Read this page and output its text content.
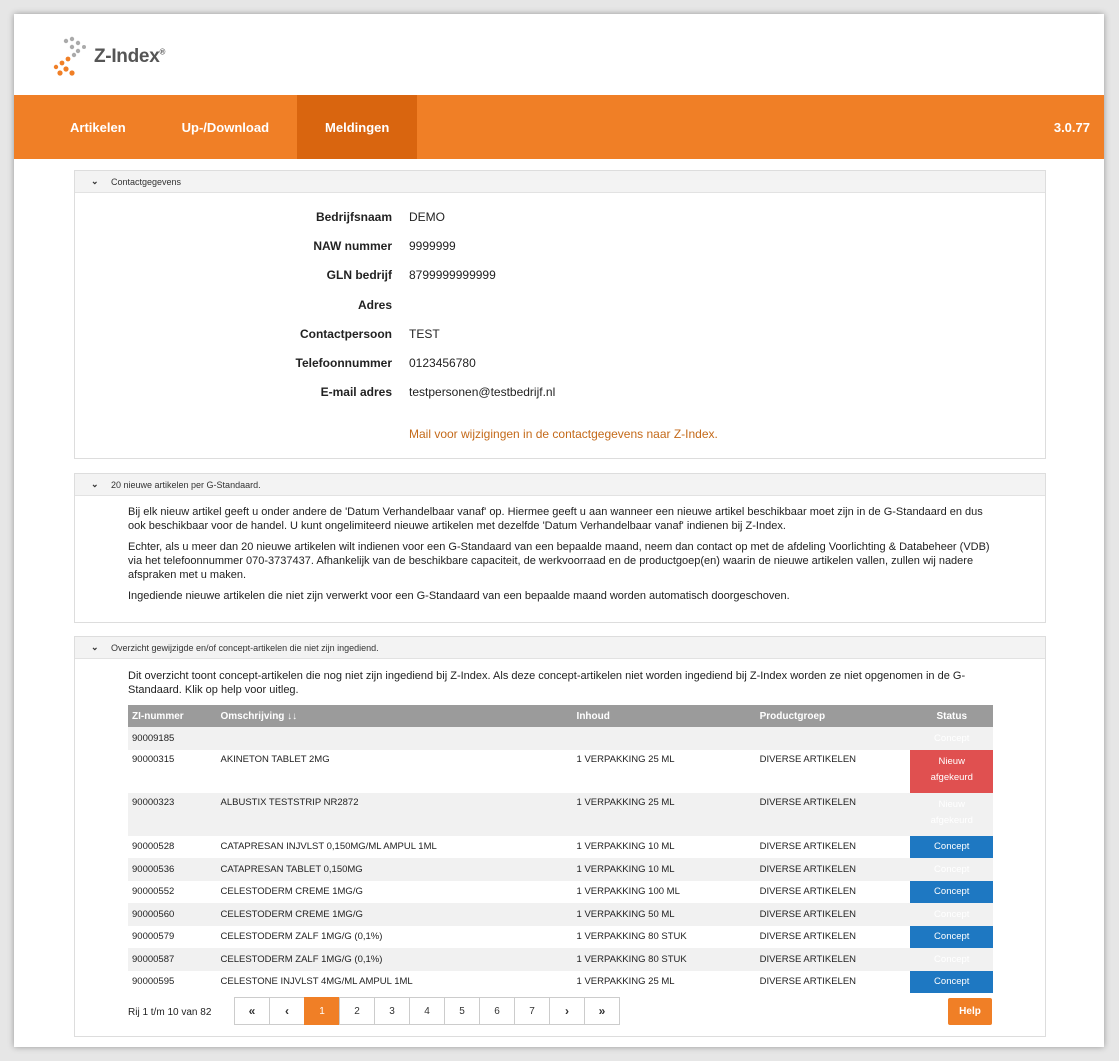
Z-Index®
Artikelen	Up-/Download	Meldingen	3.0.77
⌄ Contactgegevens
Bedrijfsnaam	DEMO
NAW nummer	9999999
GLN bedrijf	8799999999999
Adres
Contactpersoon	TEST
Telefoonnummer	0123456780
E-mail adres	testpersonen@testbedrijf.nl
Mail voor wijzigingen in de contactgegevens naar Z-Index.
⌄ 20 nieuwe artikelen per G-Standaard.
Bij elk nieuw artikel geeft u onder andere de 'Datum Verhandelbaar vanaf' op. Hiermee geeft u aan wanneer een nieuwe artikel beschikbaar moet zijn in de G-Standaard en dus ook beschikbaar voor de handel. U kunt ongelimiteerd nieuwe artikelen met dezelfde 'Datum Verhandelbaar vanaf' indienen bij Z-Index.
Echter, als u meer dan 20 nieuwe artikelen wilt indienen voor een G-Standaard van een bepaalde maand, neem dan contact op met de afdeling Voorlichting & Databeheer (VDB) via het telefoonnummer 070-3737437. Afhankelijk van de beschikbare capaciteit, de werkvoorraad en de productgoep(en) waarin de nieuwe artikelen vallen, zullen wij nadere afspraken met u maken.
Ingediende nieuwe artikelen die niet zijn verwerkt voor een G-Standaard van een bepaalde maand worden automatisch doorgeschoven.
⌄ Overzicht gewijzigde en/of concept-artikelen die niet zijn ingediend.
Dit overzicht toont concept-artikelen die nog niet zijn ingediend bij Z-Index. Als deze concept-artikelen niet worden ingediend bij Z-Index worden ze niet opgenomen in de G-Standaard. Klik op help voor uitleg.
ZI-nummer	Omschrijving ↓↓	Inhoud	Productgroep	Status
90009185				Concept
90000315	AKINETON TABLET 2MG	1 VERPAKKING 25 ML	DIVERSE ARTIKELEN	Nieuw
afgekeurd
90000323	ALBUSTIX TESTSTRIP NR2872	1 VERPAKKING 25 ML	DIVERSE ARTIKELEN	Nieuw
afgekeurd
90000528	CATAPRESAN INJVLST 0,150MG/ML AMPUL 1ML	1 VERPAKKING 10 ML	DIVERSE ARTIKELEN	Concept
90000536	CATAPRESAN TABLET 0,150MG	1 VERPAKKING 10 ML	DIVERSE ARTIKELEN	Concept
90000552	CELESTODERM CREME 1MG/G	1 VERPAKKING 100 ML	DIVERSE ARTIKELEN	Concept
90000560	CELESTODERM CREME 1MG/G	1 VERPAKKING 50 ML	DIVERSE ARTIKELEN	Concept
90000579	CELESTODERM ZALF 1MG/G (0,1%)	1 VERPAKKING 80 STUK	DIVERSE ARTIKELEN	Concept
90000587	CELESTODERM ZALF 1MG/G (0,1%)	1 VERPAKKING 80 STUK	DIVERSE ARTIKELEN	Concept
90000595	CELESTONE INJVLST 4MG/ML AMPUL 1ML	1 VERPAKKING 25 ML	DIVERSE ARTIKELEN	Concept
Rij 1 t/m 10 van 82	«	‹	1	2	3	4	5	6	7	›	»	Help
